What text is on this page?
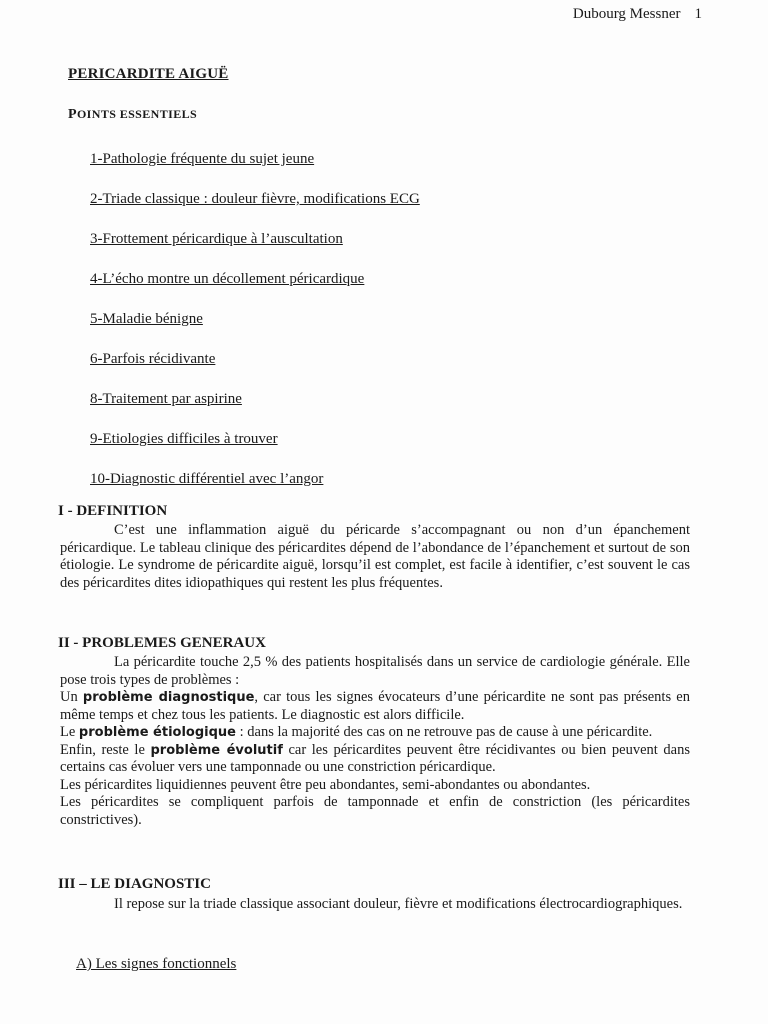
Dubourg Messner 1
PERICARDITE AIGUË
POINTS ESSENTIELS
1-Pathologie fréquente du sujet jeune
2-Triade classique : douleur fièvre, modifications ECG
3-Frottement péricardique à l’auscultation
4-L’écho montre un décollement péricardique
5-Maladie bénigne
6-Parfois récidivante
8-Traitement par aspirine
9-Etiologies difficiles à trouver
10-Diagnostic différentiel avec l’angor
I - DEFINITION

C’est une inflammation aiguë du péricarde s’accompagnant ou non d’un épanchement péricardique. Le tableau clinique des péricardites dépend de l’abondance de l’épanchement et surtout de son étiologie. Le syndrome de péricardite aiguë, lorsqu’il est complet, est facile à identifier, c’est souvent le cas des péricardites dites idiopathiques qui restent les plus fréquentes.

II - PROBLEMES GENERAUX

La péricardite touche 2,5 % des patients hospitalisés dans un service de cardiologie générale. Elle pose trois types de problèmes :

Un problème diagnostique, car tous les signes évocateurs d’une péricardite ne sont pas présents en même temps et chez tous les patients. Le diagnostic est alors difficile.

Le problème étiologique : dans la majorité des cas on ne retrouve pas de cause à une péricardite.

Enfin, reste le problème évolutif car les péricardites peuvent être récidivantes ou bien peuvent dans certains cas évoluer vers une tamponnade ou une constriction péricardique.

Les péricardites liquidiennes peuvent être peu abondantes, semi-abondantes ou abondantes.

Les péricardites se compliquent parfois de tamponnade et enfin de constriction (les péricardites constrictives).

III – LE DIAGNOSTIC

Il repose sur la triade classique associant douleur, fièvre et modifications électrocardiographiques.

A) Les signes fonctionnels
